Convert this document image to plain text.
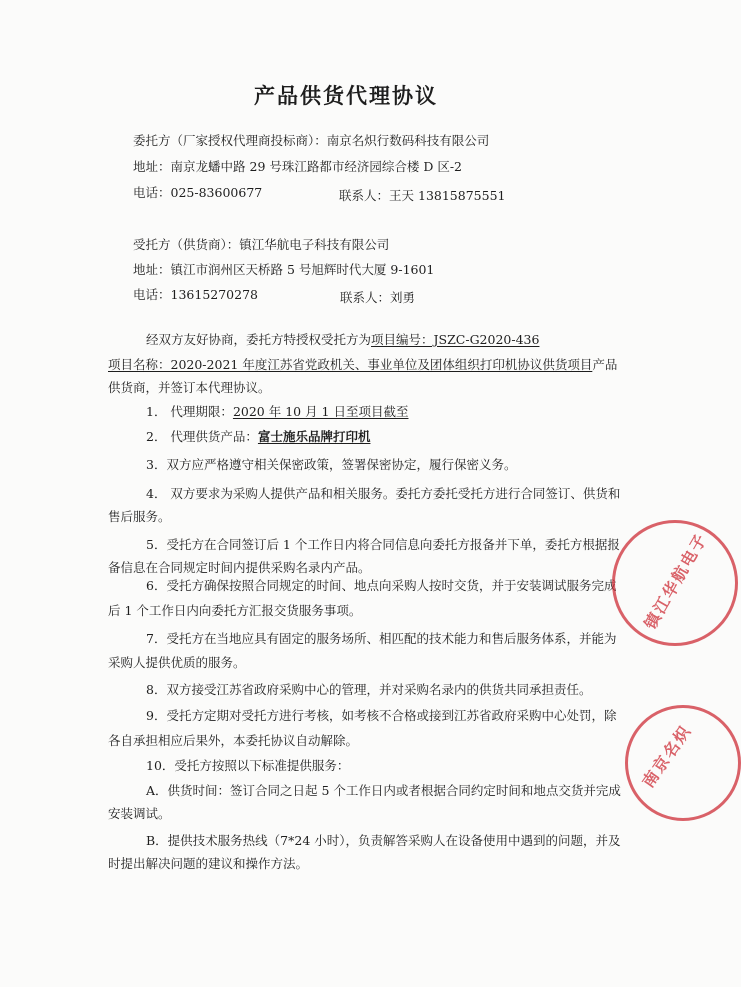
产品供货代理协议
委托方（厂家授权代理商投标商）：南京名炽行数码科技有限公司
地址：南京龙蟠中路 29 号珠江路都市经济园综合楼 D 区-2
电话：025-83600677	联系人：王天 13815875551
受托方（供货商）：镇江华航电子科技有限公司
地址：镇江市润州区天桥路 5 号旭辉时代大厦 9-1601
电话：13615270278	联系人：刘勇
经双方友好协商，委托方特授权受托方为项目编号：JSZC-G2020-436
项目名称：2020-2021 年度江苏省党政机关、事业单位及团体组织打印机协议供货项目产品
供货商，并签订本代理协议。
1． 代理期限：2020 年 10 月 1 日至项目截至
2． 代理供货产品：富士施乐品牌打印机
3．双方应严格遵守相关保密政策，签署保密协定，履行保密义务。
4． 双方要求为采购人提供产品和相关服务。委托方委托受托方进行合同签订、供货和
售后服务。
5．受托方在合同签订后 1 个工作日内将合同信息向委托方报备并下单，委托方根据报
备信息在合同规定时间内提供采购名录内产品。
6．受托方确保按照合同规定的时间、地点向采购人按时交货，并于安装调试服务完成
后 1 个工作日内向委托方汇报交货服务事项。
7．受托方在当地应具有固定的服务场所、相匹配的技术能力和售后服务体系，并能为
采购人提供优质的服务。
8．双方接受江苏省政府采购中心的管理，并对采购名录内的供货共同承担责任。
9．受托方定期对受托方进行考核，如考核不合格或接到江苏省政府采购中心处罚，除
各自承担相应后果外，本委托协议自动解除。
10．受托方按照以下标准提供服务：
A．供货时间：签订合同之日起 5 个工作日内或者根据合同约定时间和地点交货并完成
安装调试。
B．提供技术服务热线（7*24 小时），负责解答采购人在设备使用中遇到的问题，并及
时提出解决问题的建议和操作方法。
镇江华航电子
南京名炽
